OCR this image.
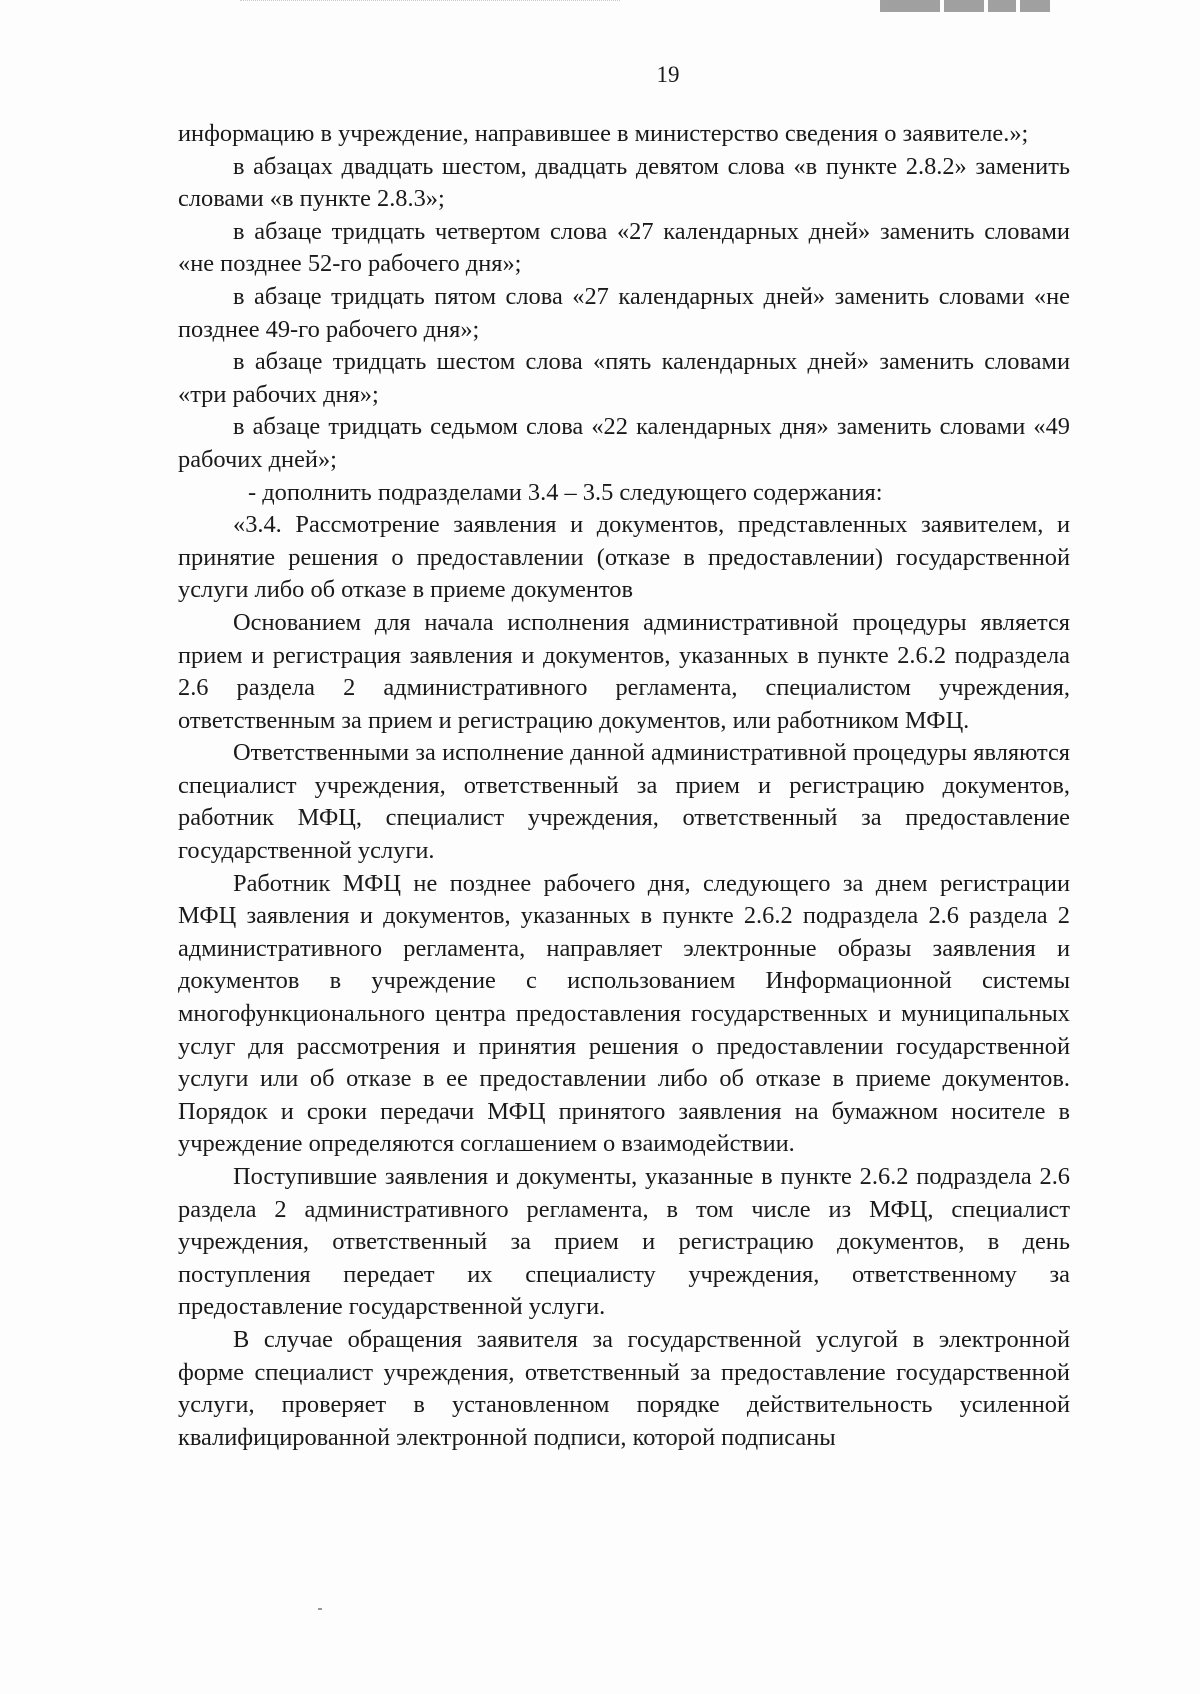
19

информацию в учреждение, направившее в министерство сведения о заявителе.»;

в абзацах двадцать шестом, двадцать девятом слова «в пункте 2.8.2» заменить словами «в пункте 2.8.3»;

в абзаце тридцать четвертом слова «27 календарных дней» заменить словами «не позднее 52-го рабочего дня»;

в абзаце тридцать пятом слова «27 календарных дней» заменить словами «не позднее 49-го рабочего дня»;

в абзаце тридцать шестом слова «пять календарных дней» заменить словами «три рабочих дня»;

в абзаце тридцать седьмом слова «22 календарных дня» заменить словами «49 рабочих дней»;

- дополнить подразделами 3.4 – 3.5 следующего содержания:

«3.4. Рассмотрение заявления и документов, представленных заявителем, и принятие решения о предоставлении (отказе в предоставлении) государственной услуги либо об отказе в приеме документов

Основанием для начала исполнения административной процедуры является прием и регистрация заявления и документов, указанных в пункте 2.6.2 подраздела 2.6 раздела 2 административного регламента, специалистом учреждения, ответственным за прием и регистрацию документов, или работником МФЦ.

Ответственными за исполнение данной административной процедуры являются специалист учреждения, ответственный за прием и регистрацию документов, работник МФЦ, специалист учреждения, ответственный за предоставление государственной услуги.

Работник МФЦ не позднее рабочего дня, следующего за днем регистрации МФЦ заявления и документов, указанных в пункте 2.6.2 подраздела 2.6 раздела 2 административного регламента, направляет электронные образы заявления и документов в учреждение с использованием Информационной системы многофункционального центра предоставления государственных и муниципальных услуг для рассмотрения и принятия решения о предоставлении государственной услуги или об отказе в ее предоставлении либо об отказе в приеме документов. Порядок и сроки передачи МФЦ принятого заявления на бумажном носителе в учреждение определяются соглашением о взаимодействии.

Поступившие заявления и документы, указанные в пункте 2.6.2 подраздела 2.6 раздела 2 административного регламента, в том числе из МФЦ, специалист учреждения, ответственный за прием и регистрацию документов, в день поступления передает их специалисту учреждения, ответственному за предоставление государственной услуги.

В случае обращения заявителя за государственной услугой в электронной форме специалист учреждения, ответственный за предоставление государственной услуги, проверяет в установленном порядке действительность усиленной квалифицированной электронной подписи, которой подписаны
